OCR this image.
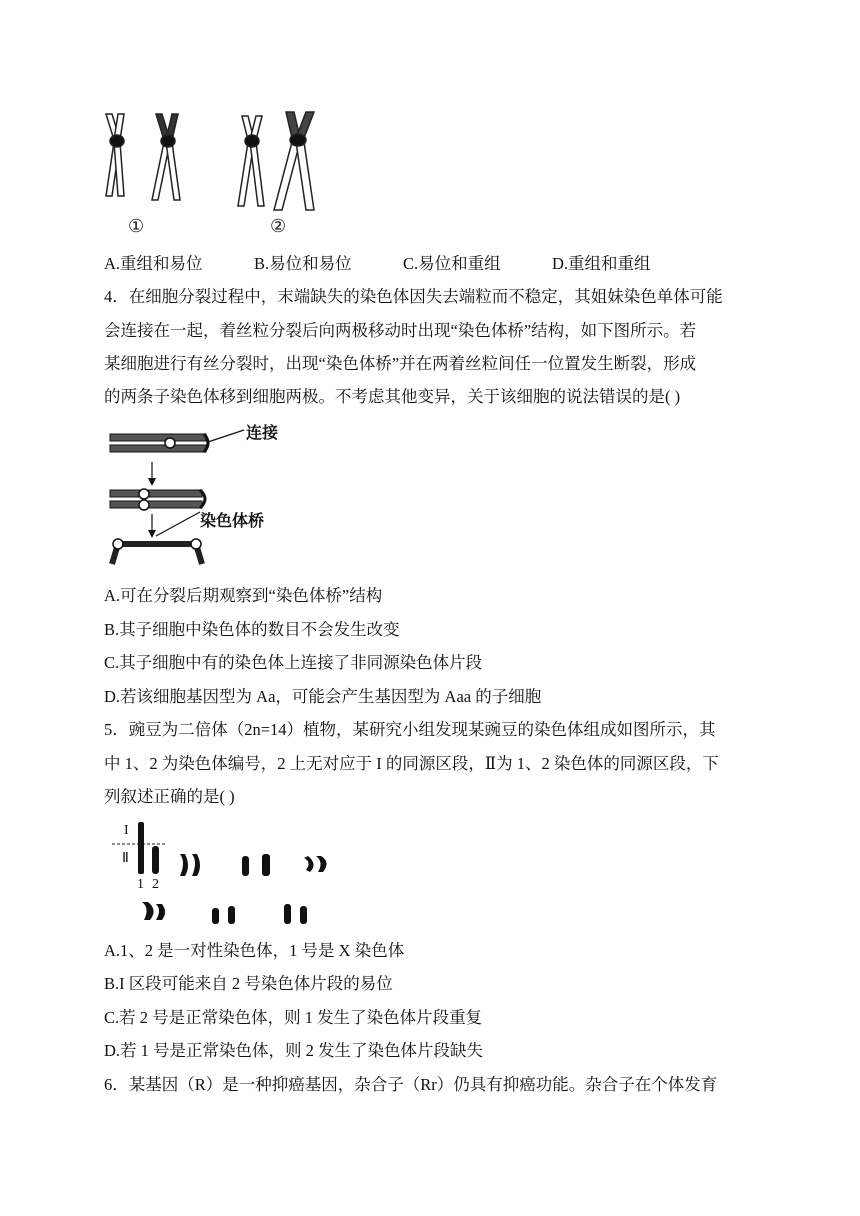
①	②
A.重组和易位	B.易位和易位	C.易位和重组	D.重组和重组
4．在细胞分裂过程中，末端缺失的染色体因失去端粒而不稳定，其姐妹染色单体可能
会连接在一起，着丝粒分裂后向两极移动时出现“染色体桥”结构，如下图所示。若
某细胞进行有丝分裂时，出现“染色体桥”并在两着丝粒间任一位置发生断裂，形成
的两条子染色体移到细胞两极。不考虑其他变异，关于该细胞的说法错误的是( )
连接
染色体桥
A.可在分裂后期观察到“染色体桥”结构
B.其子细胞中染色体的数目不会发生改变
C.其子细胞中有的染色体上连接了非同源染色体片段
D.若该细胞基因型为 Aa，可能会产生基因型为 Aaa 的子细胞
5．豌豆为二倍体（2n=14）植物，某研究小组发现某豌豆的染色体组成如图所示，其
中 1、2 为染色体编号，2 上无对应于 I 的同源区段，Ⅱ为 1、2 染色体的同源区段，下
列叙述正确的是( )
I
Ⅱ
1 2
A.1、2 是一对性染色体，1 号是 X 染色体
B.I 区段可能来自 2 号染色体片段的易位
C.若 2 号是正常染色体，则 1 发生了染色体片段重复
D.若 1 号是正常染色体，则 2 发生了染色体片段缺失
6．某基因（R）是一种抑癌基因，杂合子（Rr）仍具有抑癌功能。杂合子在个体发育
